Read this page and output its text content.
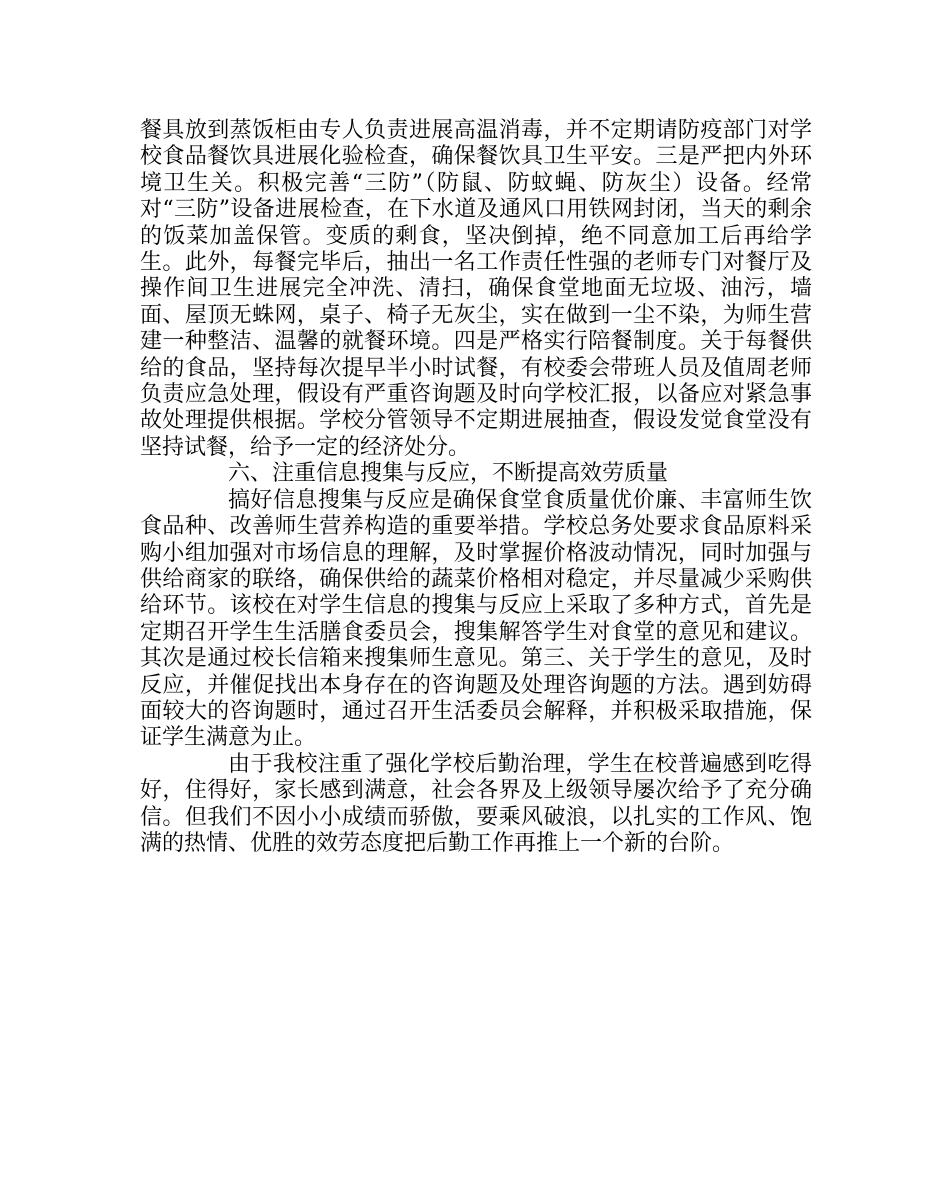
餐具放到蒸饭柜由专人负责进展高温消毒，并不定期请防疫部门对学校食品餐饮具进展化验检查，确保餐饮具卫生平安。三是严把内外环境卫生关。积极完善“三防”（防鼠、防蚊蝇、防灰尘）设备。经常对“三防”设备进展检查，在下水道及通风口用铁网封闭，当天的剩余的饭菜加盖保管。变质的剩食，坚决倒掉，绝不同意加工后再给学生。此外，每餐完毕后，抽出一名工作责任性强的老师专门对餐厅及操作间卫生进展完全冲洗、清扫，确保食堂地面无垃圾、油污，墙面、屋顶无蛛网，桌子、椅子无灰尘，实在做到一尘不染，为师生营建一种整洁、温馨的就餐环境。四是严格实行陪餐制度。关于每餐供给的食品，坚持每次提早半小时试餐，有校委会带班人员及值周老师负责应急处理，假设有严重咨询题及时向学校汇报，以备应对紧急事故处理提供根据。学校分管领导不定期进展抽查，假设发觉食堂没有坚持试餐，给予一定的经济处分。

六、注重信息搜集与反应，不断提高效劳质量

搞好信息搜集与反应是确保食堂食质量优价廉、丰富师生饮食品种、改善师生营养构造的重要举措。学校总务处要求食品原料采购小组加强对市场信息的理解，及时掌握价格波动情况，同时加强与供给商家的联络，确保供给的蔬菜价格相对稳定，并尽量减少采购供给环节。该校在对学生信息的搜集与反应上采取了多种方式，首先是定期召开学生生活膳食委员会，搜集解答学生对食堂的意见和建议。其次是通过校长信箱来搜集师生意见。第三、关于学生的意见，及时反应，并催促找出本身存在的咨询题及处理咨询题的方法。遇到妨碍面较大的咨询题时，通过召开生活委员会解释，并积极采取措施，保证学生满意为止。

由于我校注重了强化学校后勤治理，学生在校普遍感到吃得好，住得好，家长感到满意，社会各界及上级领导屡次给予了充分确信。但我们不因小小成绩而骄傲，要乘风破浪，以扎实的工作风、饱满的热情、优胜的效劳态度把后勤工作再推上一个新的台阶。
